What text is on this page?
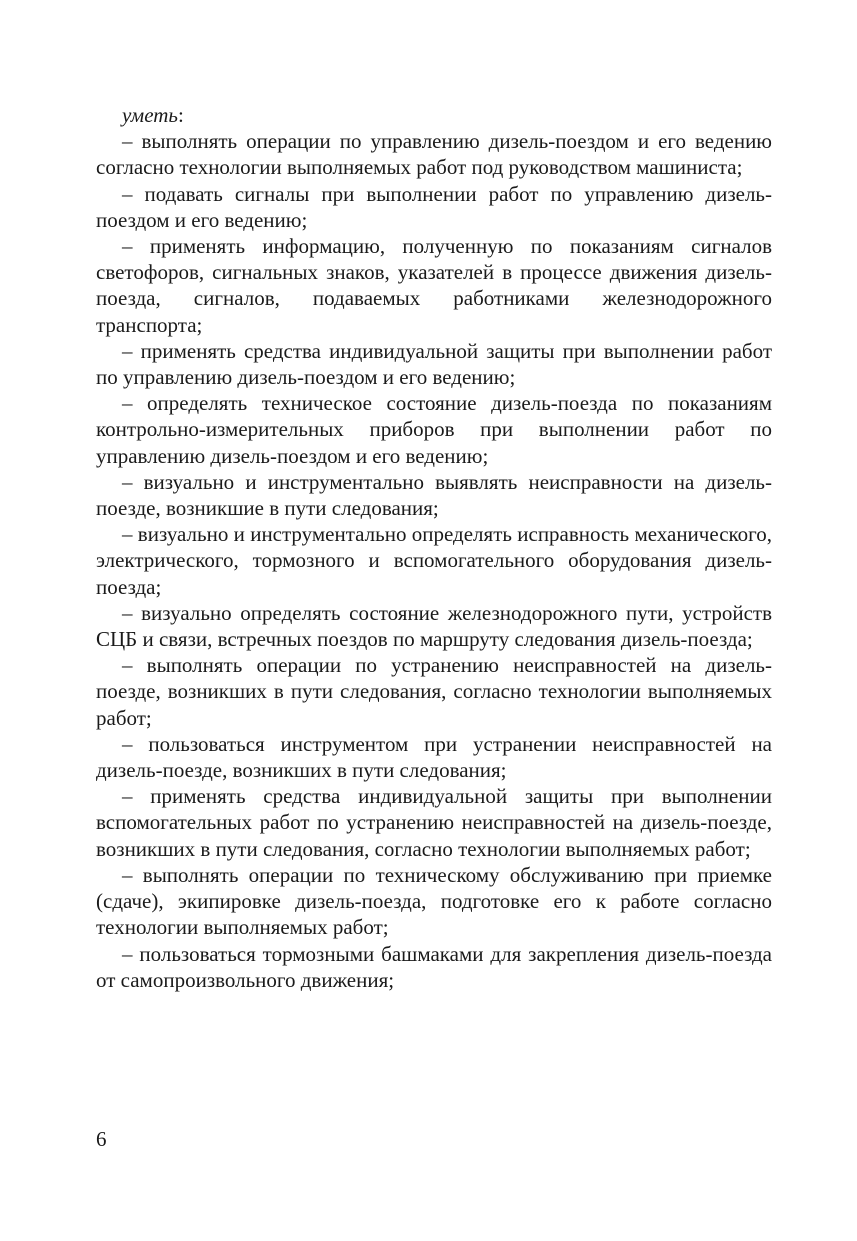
уметь:

– выполнять операции по управлению дизель-поездом и его ведению согласно технологии выполняемых работ под руководством машиниста;

– подавать сигналы при выполнении работ по управлению дизель-поездом и его ведению;

– применять информацию, полученную по показаниям сигналов светофоров, сигнальных знаков, указателей в процессе движения дизель-поезда, сигналов, подаваемых работниками железнодорожного транспорта;

– применять средства индивидуальной защиты при выполнении работ по управлению дизель-поездом и его ведению;

– определять техническое состояние дизель-поезда по показаниям контрольно-измерительных приборов при выполнении работ по управлению дизель-поездом и его ведению;

– визуально и инструментально выявлять неисправности на дизель-поезде, возникшие в пути следования;

– визуально и инструментально определять исправность механического, электрического, тормозного и вспомогательного оборудования дизель-поезда;

– визуально определять состояние железнодорожного пути, устройств СЦБ и связи, встречных поездов по маршруту следования дизель-поезда;

– выполнять операции по устранению неисправностей на дизель-поезде, возникших в пути следования, согласно технологии выполняемых работ;

– пользоваться инструментом при устранении неисправностей на дизель-поезде, возникших в пути следования;

– применять средства индивидуальной защиты при выполнении вспомогательных работ по устранению неисправностей на дизель-поезде, возникших в пути следования, согласно технологии выполняемых работ;

– выполнять операции по техническому обслуживанию при приемке (сдаче), экипировке дизель-поезда, подготовке его к работе согласно технологии выполняемых работ;

– пользоваться тормозными башмаками для закрепления дизель-поезда от самопроизвольного движения;

6
